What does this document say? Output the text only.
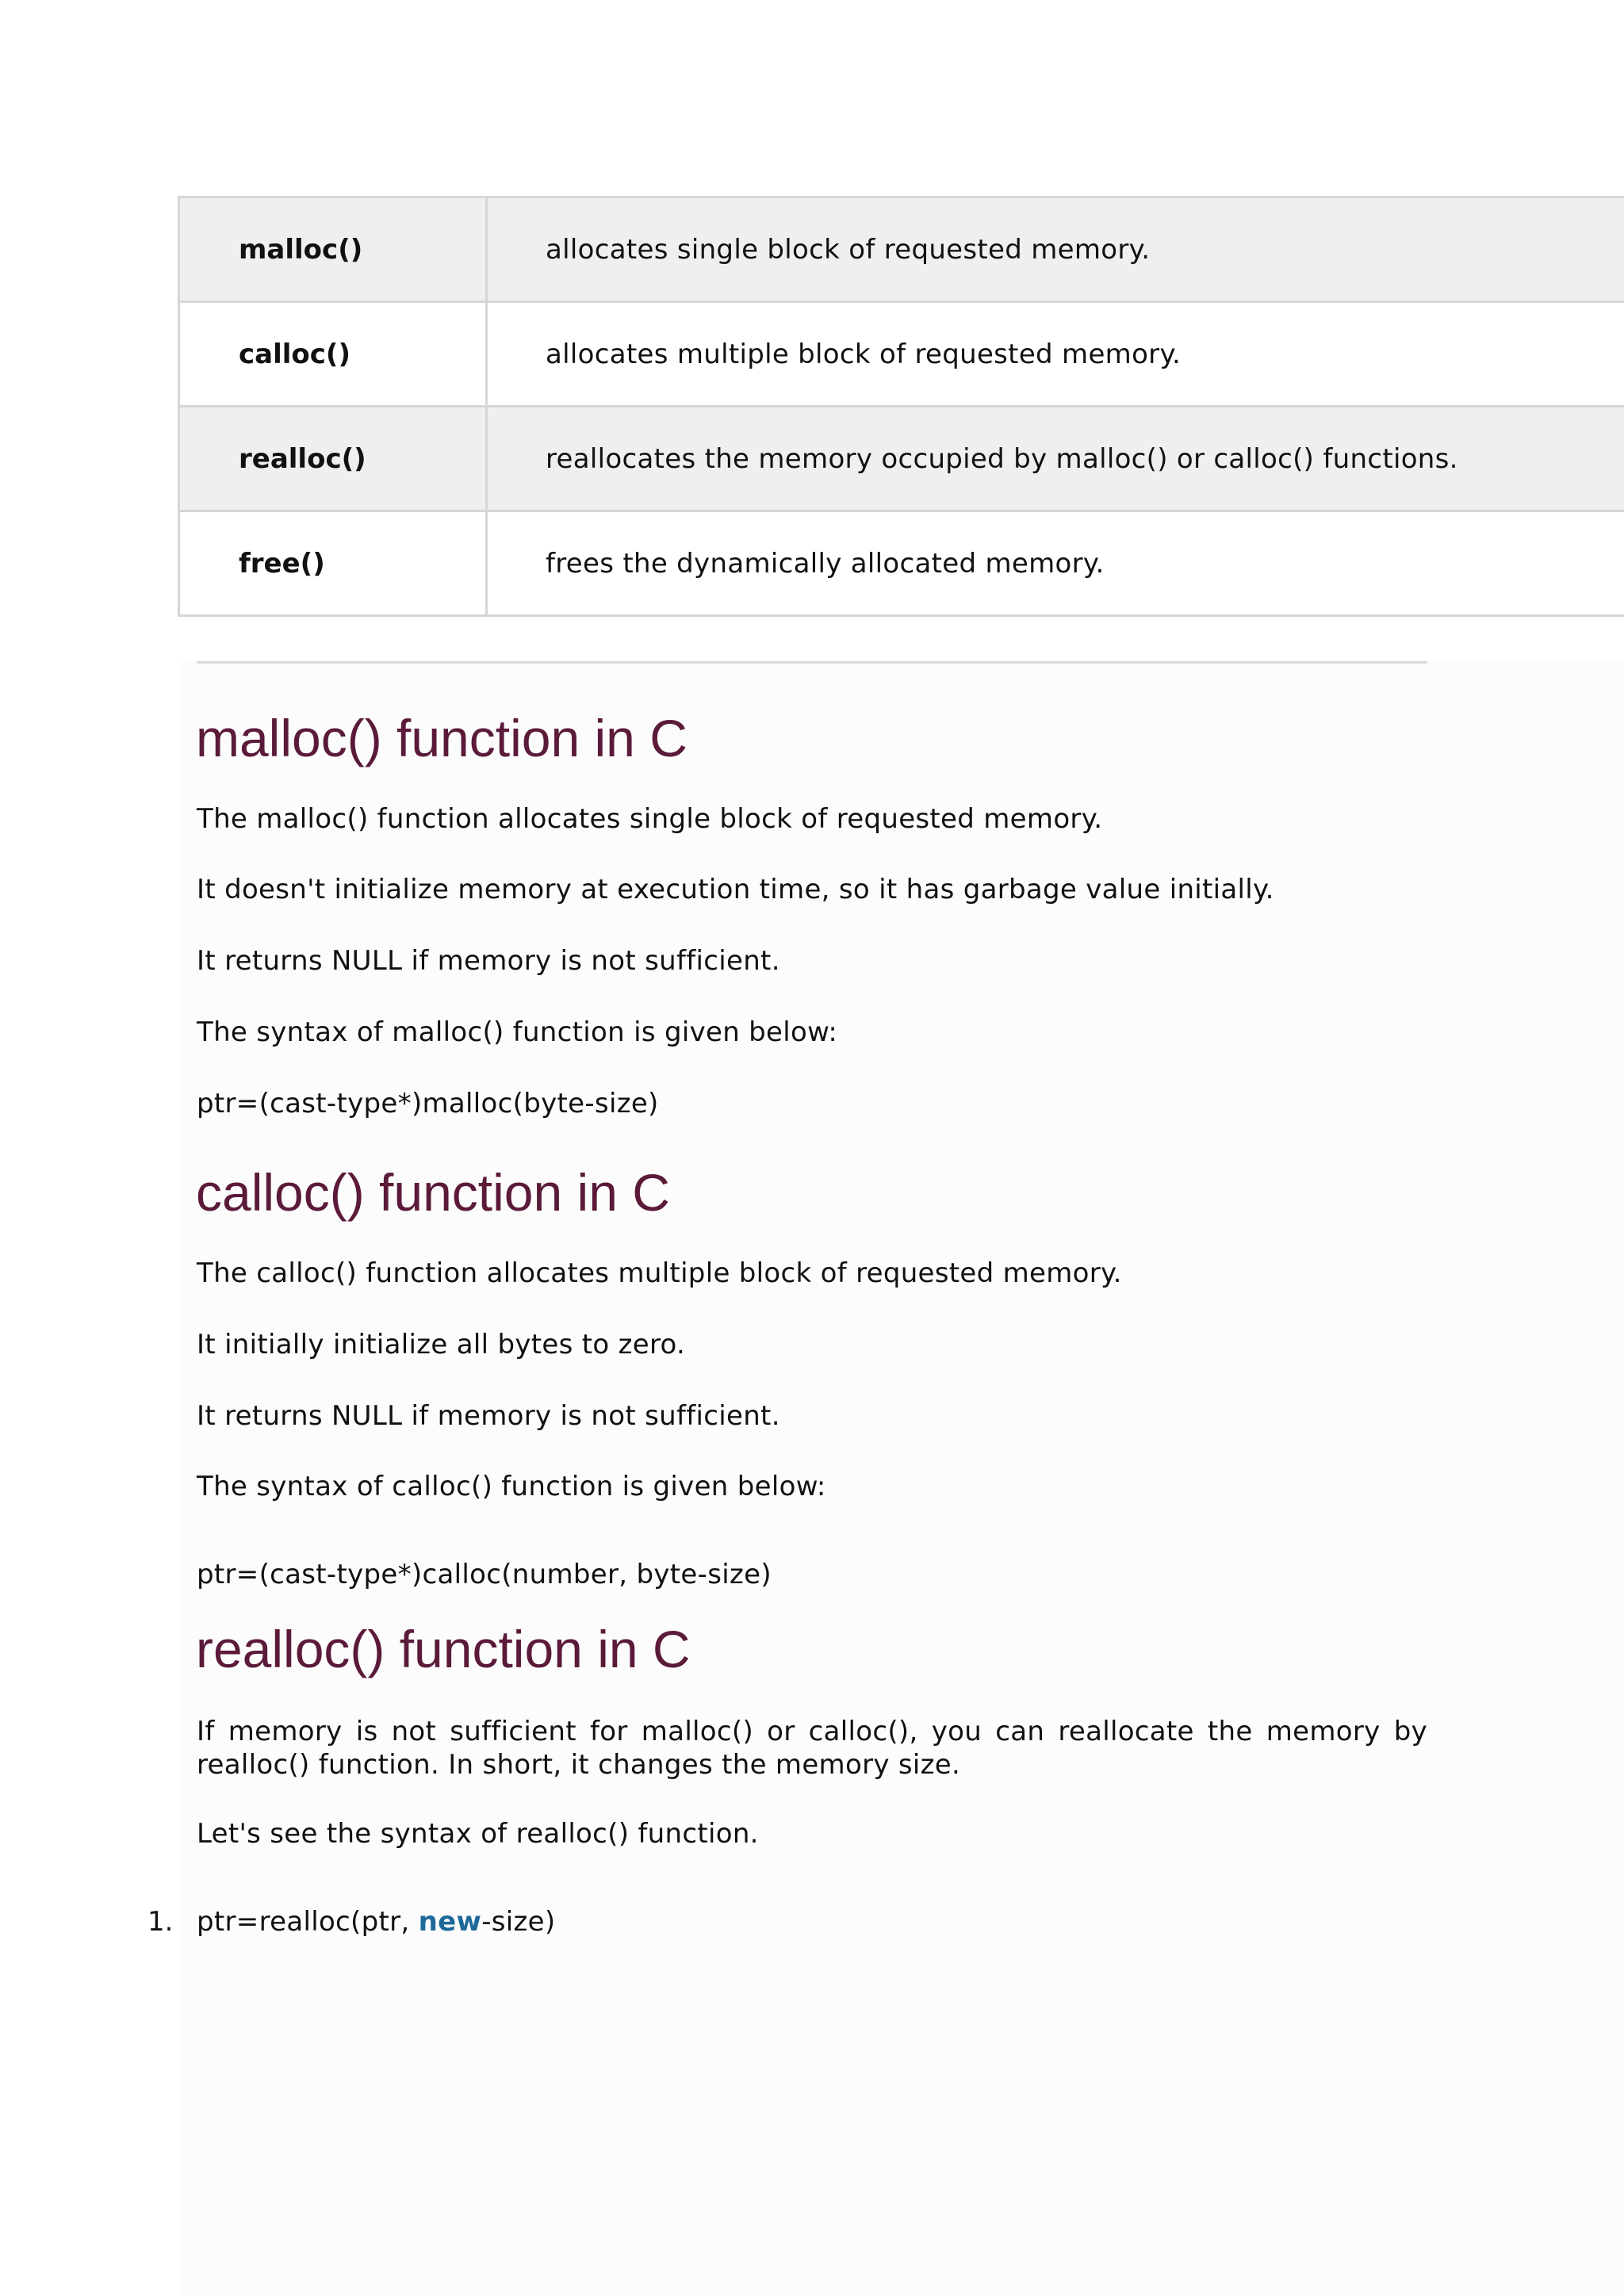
malloc()	allocates single block of requested memory.
calloc()	allocates multiple block of requested memory.
realloc()	reallocates the memory occupied by malloc() or calloc() functions.
free()	frees the dynamically allocated memory.
malloc() function in C

The malloc() function allocates single block of requested memory.

It doesn't initialize memory at execution time, so it has garbage value initially.

It returns NULL if memory is not sufficient.

The syntax of malloc() function is given below:

ptr=(cast-type*)malloc(byte-size)

calloc() function in C

The calloc() function allocates multiple block of requested memory.

It initially initialize all bytes to zero.

It returns NULL if memory is not sufficient.

The syntax of calloc() function is given below:

ptr=(cast-type*)calloc(number, byte-size)

realloc() function in C

If memory is not sufficient for malloc() or calloc(), you can reallocate the memory by realloc() function. In short, it changes the memory size.

Let's see the syntax of realloc() function.

1. ptr=realloc(ptr, new-size)
